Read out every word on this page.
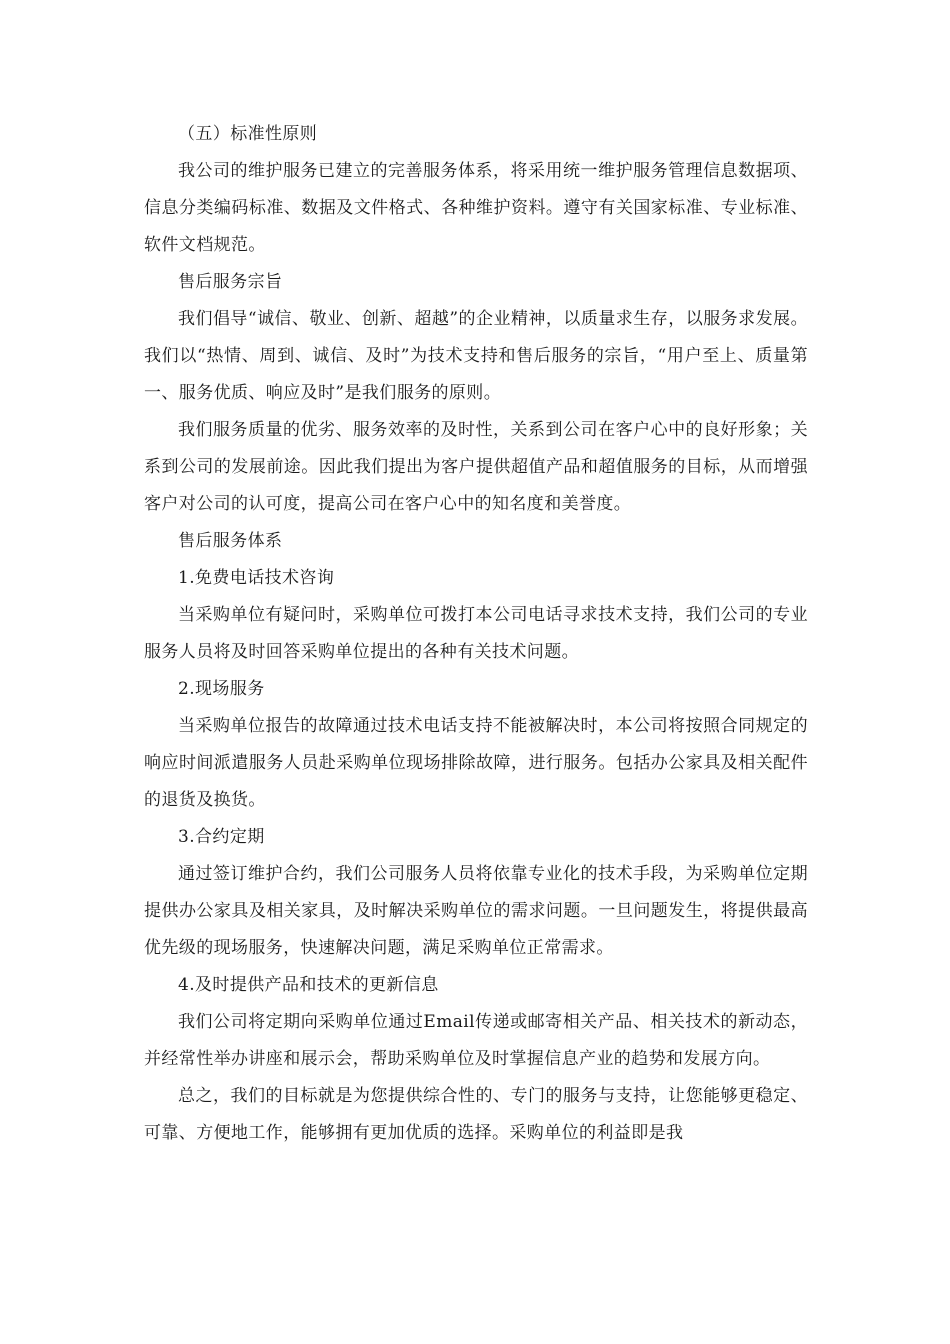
（五）标准性原则

我公司的维护服务已建立的完善服务体系，将采用统一维护服务管理信息数据项、信息分类编码标准、数据及文件格式、各种维护资料。遵守有关国家标准、专业标准、软件文档规范。

售后服务宗旨

我们倡导“诚信、敬业、创新、超越”的企业精神，以质量求生存，以服务求发展。我们以“热情、周到、诚信、及时”为技术支持和售后服务的宗旨，“用户至上、质量第一、服务优质、响应及时”是我们服务的原则。

我们服务质量的优劣、服务效率的及时性，关系到公司在客户心中的良好形象；关系到公司的发展前途。因此我们提出为客户提供超值产品和超值服务的目标，从而增强客户对公司的认可度，提高公司在客户心中的知名度和美誉度。

售后服务体系

1.免费电话技术咨询

当采购单位有疑问时，采购单位可拨打本公司电话寻求技术支持，我们公司的专业服务人员将及时回答采购单位提出的各种有关技术问题。

2.现场服务

当采购单位报告的故障通过技术电话支持不能被解决时，本公司将按照合同规定的响应时间派遣服务人员赴采购单位现场排除故障，进行服务。包括办公家具及相关配件的退货及换货。

3.合约定期

通过签订维护合约，我们公司服务人员将依靠专业化的技术手段，为采购单位定期提供办公家具及相关家具，及时解决采购单位的需求问题。一旦问题发生，将提供最高优先级的现场服务，快速解决问题，满足采购单位正常需求。

4.及时提供产品和技术的更新信息

我们公司将定期向采购单位通过Email传递或邮寄相关产品、相关技术的新动态，并经常性举办讲座和展示会，帮助采购单位及时掌握信息产业的趋势和发展方向。

总之，我们的目标就是为您提供综合性的、专门的服务与支持，让您能够更稳定、可靠、方便地工作，能够拥有更加优质的选择。采购单位的利益即是我
